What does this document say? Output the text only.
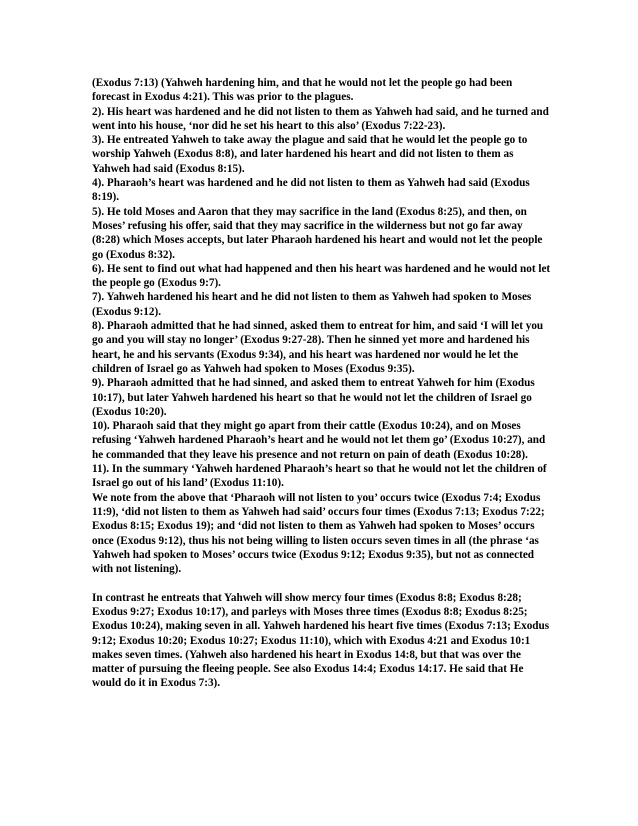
(Exodus 7:13) (Yahweh hardening him, and that he would not let the people go had been forecast in Exodus 4:21). This was prior to the plagues.

2). His heart was hardened and he did not listen to them as Yahweh had said, and he turned and went into his house, ‘nor did he set his heart to this also’ (Exodus 7:22-23).

3). He entreated Yahweh to take away the plague and said that he would let the people go to worship Yahweh (Exodus 8:8), and later hardened his heart and did not listen to them as Yahweh had said (Exodus 8:15).

4). Pharaoh’s heart was hardened and he did not listen to them as Yahweh had said (Exodus 8:19).

5). He told Moses and Aaron that they may sacrifice in the land (Exodus 8:25), and then, on Moses’ refusing his offer, said that they may sacrifice in the wilderness but not go far away (8:28) which Moses accepts, but later Pharaoh hardened his heart and would not let the people go (Exodus 8:32).

6). He sent to find out what had happened and then his heart was hardened and he would not let the people go (Exodus 9:7).

7). Yahweh hardened his heart and he did not listen to them as Yahweh had spoken to Moses (Exodus 9:12).

8). Pharaoh admitted that he had sinned, asked them to entreat for him, and said ‘I will let you go and you will stay no longer’ (Exodus 9:27-28). Then he sinned yet more and hardened his heart, he and his servants (Exodus 9:34), and his heart was hardened nor would he let the children of Israel go as Yahweh had spoken to Moses (Exodus 9:35).

9). Pharaoh admitted that he had sinned, and asked them to entreat Yahweh for him (Exodus 10:17), but later Yahweh hardened his heart so that he would not let the children of Israel go (Exodus 10:20).

10). Pharaoh said that they might go apart from their cattle (Exodus 10:24), and on Moses refusing ‘Yahweh hardened Pharaoh’s heart and he would not let them go’ (Exodus 10:27), and he commanded that they leave his presence and not return on pain of death (Exodus 10:28).

11). In the summary ‘Yahweh hardened Pharaoh’s heart so that he would not let the children of Israel go out of his land’ (Exodus 11:10).

We note from the above that ‘Pharaoh will not listen to you’ occurs twice (Exodus 7:4; Exodus 11:9), ‘did not listen to them as Yahweh had said’ occurs four times (Exodus 7:13; Exodus 7:22; Exodus 8:15; Exodus 19); and ‘did not listen to them as Yahweh had spoken to Moses’ occurs once (Exodus 9:12), thus his not being willing to listen occurs seven times in all (the phrase ‘as Yahweh had spoken to Moses’ occurs twice (Exodus 9:12; Exodus 9:35), but not as connected with not listening).

In contrast he entreats that Yahweh will show mercy four times (Exodus 8:8; Exodus 8:28; Exodus 9:27; Exodus 10:17), and parleys with Moses three times (Exodus 8:8; Exodus 8:25; Exodus 10:24), making seven in all. Yahweh hardened his heart five times (Exodus 7:13; Exodus 9:12; Exodus 10:20; Exodus 10:27; Exodus 11:10), which with Exodus 4:21 and Exodus 10:1 makes seven times. (Yahweh also hardened his heart in Exodus 14:8, but that was over the matter of pursuing the fleeing people. See also Exodus 14:4; Exodus 14:17. He said that He would do it in Exodus 7:3).
